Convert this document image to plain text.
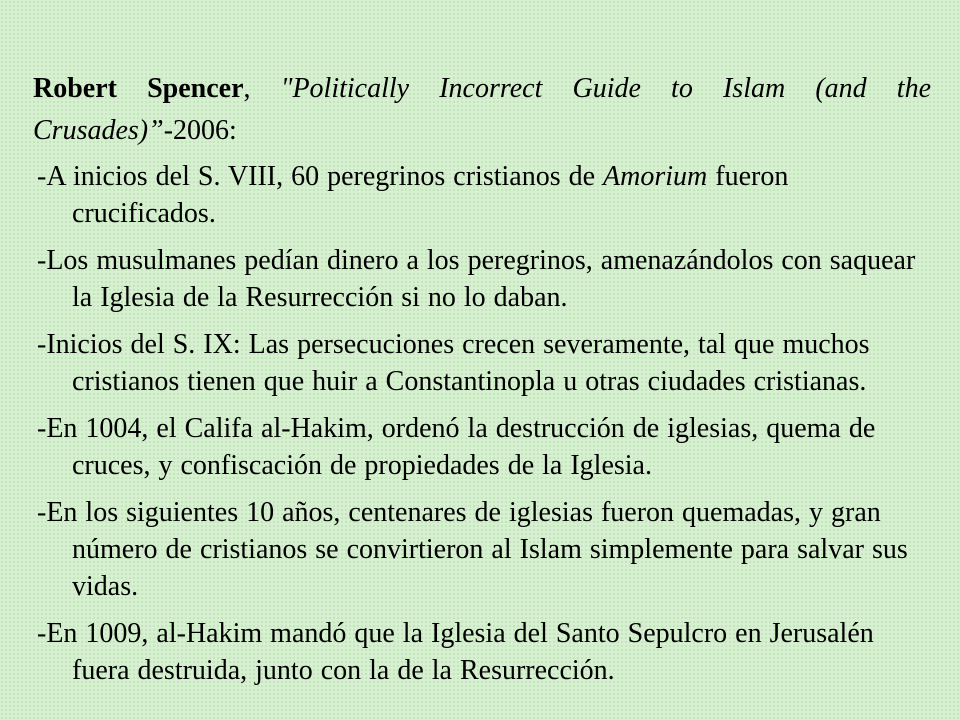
Robert Spencer, "Politically Incorrect Guide to Islam (and the Crusades)”-2006:

-A inicios del S. VIII, 60 peregrinos cristianos de Amorium fueron crucificados.
-Los musulmanes pedían dinero a los peregrinos, amenazándolos con saquear la Iglesia de la Resurrección si no lo daban.
-Inicios del S. IX: Las persecuciones crecen severamente, tal que muchos cristianos tienen que huir a Constantinopla u otras ciudades cristianas.
-En 1004, el Califa al-Hakim, ordenó la destrucción de iglesias, quema de cruces, y confiscación de propiedades de la Iglesia.
-En los siguientes 10 años, centenares de iglesias fueron quemadas, y gran número de cristianos se convirtieron al Islam simplemente para salvar sus vidas.
-En 1009, al-Hakim mandó que la Iglesia del Santo Sepulcro en Jerusalén fuera destruida, junto con la de la Resurrección.
